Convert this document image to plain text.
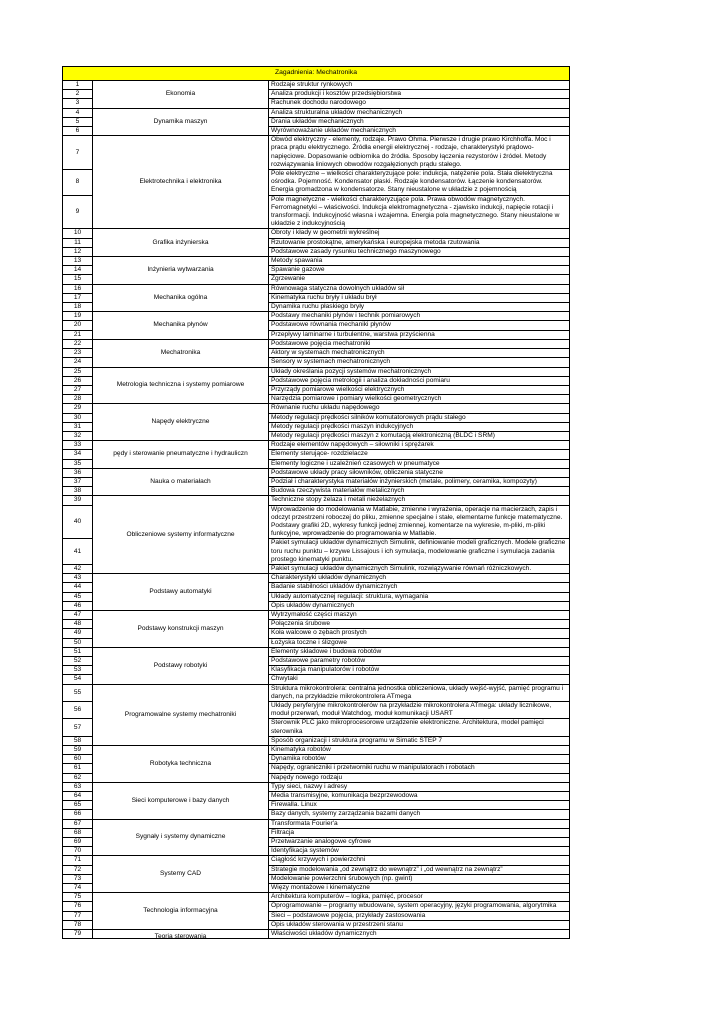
Zagadnienia: Mechatronika		
1	Ekonomia	Rodzaje struktur rynkowych
2		Analiza produkcji i kosztów przedsiębiorstwa
3		Rachunek dochodu narodowego
4	Dynamika maszyn	Analiza strukturalna układów mechanicznych
5		Drania układów mechanicznych
6		Wyrównoważanie układów mechanicznych
7	Elektrotechnika i elektronika	Obwód elektryczny - elementy, rodzaje. Prawo Ohma. Pierwsze i drugie prawo Kirchhoffa. Moc i praca prądu elektrycznego. Źródła energii elektrycznej - rodzaje, charakterystyki prądowo-napięciowe. Dopasowanie odbiornika do źródła. Sposoby łączenia rezystorów i źródeł. Metody rozwiązywania liniowych obwodów rozgałęzionych prądu stałego.
8		Pole elektryczne – wielkości charakteryzujące pole: indukcja, natężenie pola. Stała dielektryczna ośrodka. Pojemność. Kondensator płaski. Rodzaje kondensatorów. Łączenie kondensatorów. Energia gromadzona w kondensatorze. Stany nieustalone w układzie z pojemnością
9		Pole magnetyczne - wielkości charakteryzujące pola. Prawa obwodów magnetycznych. Ferromagnetyki – właściwości. Indukcja elektromagnetyczna - zjawisko indukcji, napięcie rotacji i transformacji. Indukcyjność własna i wzajemna. Energia pola magnetycznego. Stany nieustalone w układzie z indukcyjnością
10	Grafika inżynierska	Obroty i kłady w geometrii wykreślnej
11		Rzutowanie prostokątne, amerykańska i europejska metoda rzutowania
12		Podstawowe zasady rysunku technicznego maszynowego
13	Inżynieria wytwarzania	Metody spawania
14		Spawanie gazowe
15		Zgrzewanie
16	Mechanika ogólna	Równowaga statyczna dowolnych układów sił
17		Kinematyka ruchu bryły i układu brył
18		Dynamika ruchu płaskiego bryły
19	Mechanika płynów	Podstawy mechaniki płynów i technik pomiarowych
20		Podstawowe równania mechaniki płynów
21		Przepływy laminarne i turbulentne, warstwa przyścienna
22	Mechatronika	Podstawowe pojęcia mechatroniki
23		Aktory w systemach mechatronicznych
24		Sensory w systemach mechatronicznych
25	Metrologia techniczna i systemy pomiarowe	Układy określania pozycji systemów mechatronicznych
26		Podstawowe pojęcia metrologii i analiza dokładności pomiaru
27		Przyrządy pomiarowe wielkości elektrycznych
28		Narzędzia pomiarowe i pomiary wielkości geometrycznych
29	Napędy elektryczne	Równanie ruchu układu napędowego
30		Metody regulacji prędkości silników komutatorowych prądu stałego
31		Metody regulacji prędkości maszyn indukcyjnych
32		Metody regulacji prędkości maszyn z komutacją elektroniczną (BLDC i SRM)
33	pędy i sterowanie pneumatyczne i hydrauliczn	Rodzaje elementów napędowych – siłowniki i sprężarek
34		Elementy sterujące- rozdzielacze
35		Elementy logiczne i uzależnień czasowych w pneumatyce
36	Nauka o materiałach	Podstawowe układy pracy siłowników, obliczenia statyczne
37		Podział i charakterystyka materiałów inżynierskich (metale, polimery, ceramika, kompozyty)
38		Budowa rzeczywista materiałów metalicznych
39	Obliczeniowe systemy informatyczne	Techniczne stopy żelaza i metali nieżelaznych
40		Wprowadzenie do modelowania w Matlabie, zmienne i wyrażenia, operacje na macierzach, zapis i odczyt przestrzeni roboczej do pliku, zmienne specjalne i stałe, elementarne funkcje matematyczne. Podstawy grafiki 2D, wykresy funkcji jednej zmiennej, komentarze na wykresie, m-pliki, m-pliki funkcyjne, wprowadzenie do programowania w Matlabie.
41		Pakiet symulacji układów dynamicznych Simulink, definiowanie modeli graficznych. Modele graficzne toru ruchu punktu – krzywe Lissajous i ich symulacja, modelowanie graficzne i symulacja zadania prostego kinematyki punktu.
42		Pakiet symulacji układów dynamicznych Simulink, rozwiązywanie równań różniczkowych.
43	Podstawy automatyki	Charakterystyki układów dynamicznych
44		Badanie stabilności układów dynamicznych
45		Układy automatycznej regulacji: struktura, wymagania
46		Opis układów dynamicznych
47	Podstawy konstrukcji maszyn	Wytrzymałość części maszyn
48		Połączenia śrubowe
49		Koła walcowe o zębach prostych
50		Łożyska toczne i ślizgowe
51	Podstawy robotyki	Elementy składowe i budowa robotów
52		Podstawowe parametry robotów
53		Klasyfikacja manipulatorów i robotów
54		Chwytaki
55	Programowalne systemy mechatroniki	Struktura mikrokontrolera: centralna jednostka obliczeniowa, układy wejść-wyjść, pamięć programu i danych, na przykładzie mikrokontrolera ATmega
56		Układy peryferyjne mikrokontrolerów na przykładzie mikrokontrolera ATmega: układy licznikowe, moduł przerwań, moduł Watchdog, moduł komunikacji USART
57		Sterownik PLC jako mikroprocesorowe urządzenie elektroniczne. Architektura, model pamięci sterownika
58		Sposób organizacji i struktura programu w Simatic STEP 7
59	Robotyka techniczna	Kinematyka robotów
60		Dynamika robotów
61		Napędy, ograniczniki i przetworniki ruchu w manipulatorach i robotach
62		Napędy nowego rodzaju
63	Sieci komputerowe i bazy danych	Typy sieci, nazwy i adresy
64		Media transmisyjne, komunikacja bezprzewodowa
65		Firewalla. Linux
66		Bazy danych, systemy zarządzania bazami danych
67	Sygnały i systemy dynamiczne	Transformata Fourier'a
68		Filtracja
69		Przetwarzanie analogowe cyfrowe
70		Identyfikacja systemów
71	Systemy CAD	Ciągłość krzywych i powierzchni
72		Strategie modelowania „od zewnątrz do wewnątrz” i „od wewnątrz na zewnątrz”
73		Modelowanie powierzchni śrubowych (np. gwint)
74		Więzy montażowe i kinematyczne
75	Technologia informacyjna	Architektura komputerów – logika, pamięć, procesor
76		Oprogramowanie – programy wbudowane, system operacyjny, języki programowania, algorytmika
77		Sieci – podstawowe pojęcia, przykłady zastosowania
78		Opis układów sterowania w przestrzeni stanu
79	Teoria sterowania	Właściwości układów dynamicznych
